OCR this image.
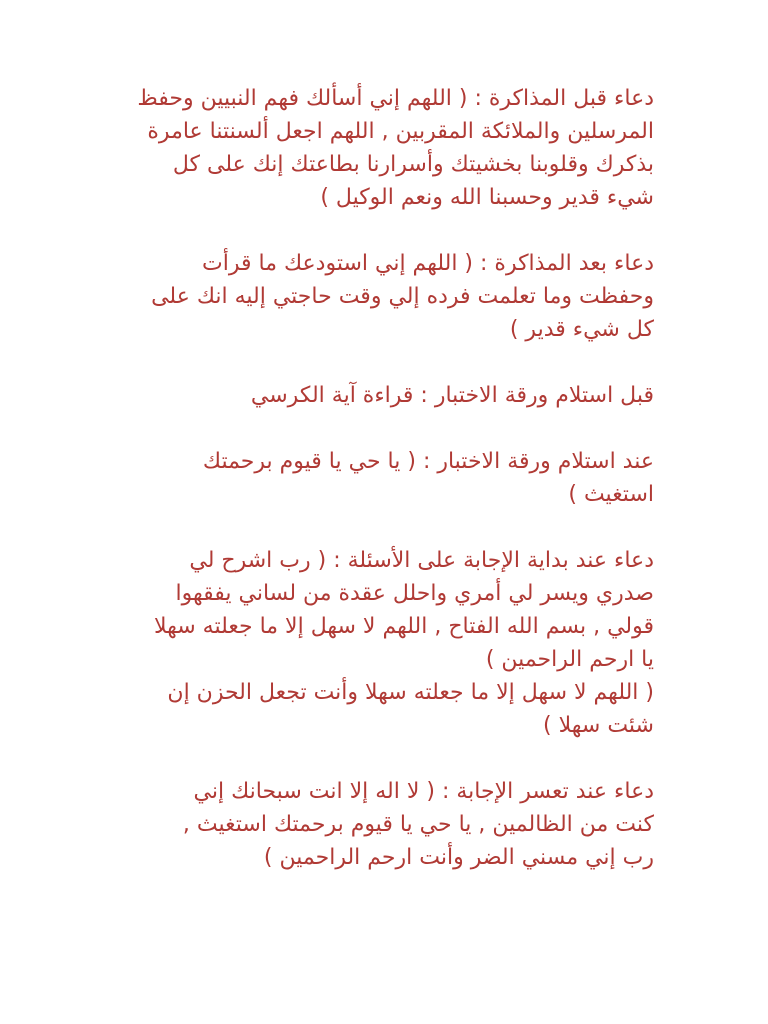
دعاء قبل المذاكرة : ( اللهم إني أسألك فهم النبيين وحفظ
المرسلين والملائكة المقربين , اللهم اجعل ألسنتنا عامرة
بذكرك وقلوبنا بخشيتك وأسرارنا بطاعتك إنك على كل
شيء قدير وحسبنا الله ونعم الوكيل )

دعاء بعد المذاكرة : ( اللهم إني استودعك ما قرأت
وحفظت وما تعلمت فرده إلي وقت حاجتي إليه انك على
كل شيء قدير )

قبل استلام ورقة الاختبار : قراءة آية الكرسي

عند استلام ورقة الاختبار : ( يا حي يا قيوم برحمتك
استغيث )

دعاء عند بداية الإجابة على الأسئلة : ( رب اشرح لي
صدري ويسر لي أمري واحلل عقدة من لساني يفقهوا
قولي , بسم الله الفتاح , اللهم لا سهل إلا ما جعلته سهلا
يا ارحم الراحمين )
( اللهم لا سهل إلا ما جعلته سهلا وأنت تجعل الحزن إن
شئت سهلا )

دعاء عند تعسر الإجابة : ( لا اله إلا انت سبحانك إني
كنت من الظالمين , يا حي يا قيوم برحمتك استغيث ,
رب إني مسني الضر وأنت ارحم الراحمين )
